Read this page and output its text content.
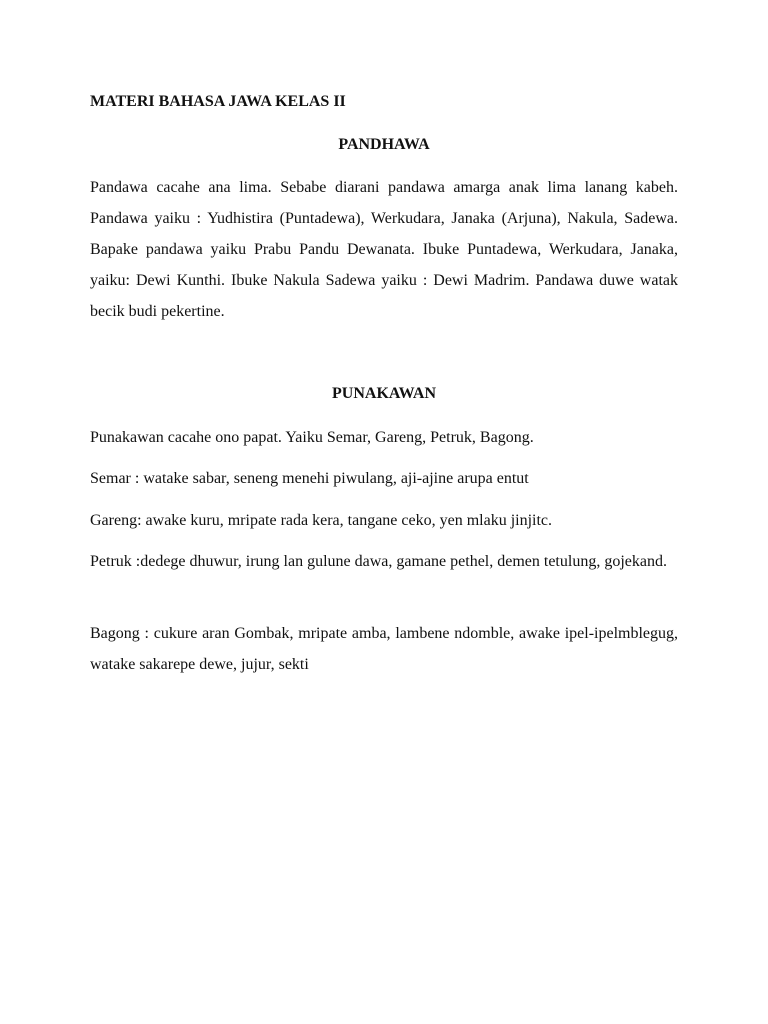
MATERI BAHASA JAWA KELAS II
PANDHAWA
Pandawa cacahe ana lima. Sebabe diarani pandawa amarga anak lima lanang kabeh. Pandawa yaiku : Yudhistira (Puntadewa), Werkudara, Janaka (Arjuna), Nakula, Sadewa. Bapake pandawa yaiku Prabu Pandu Dewanata. Ibuke Puntadewa, Werkudara, Janaka, yaiku: Dewi Kunthi. Ibuke Nakula Sadewa yaiku : Dewi Madrim. Pandawa duwe watak becik budi pekertine.
PUNAKAWAN
Punakawan cacahe ono papat. Yaiku Semar, Gareng, Petruk, Bagong.
Semar : watake sabar, seneng menehi piwulang, aji-ajine arupa entut
Gareng: awake kuru, mripate rada kera, tangane ceko, yen mlaku jinjitc.
Petruk :dedege dhuwur, irung lan gulune dawa, gamane pethel, demen tetulung, gojekand.
Bagong : cukure aran Gombak, mripate amba, lambene ndomble, awake ipel-ipelmblegug, watake sakarepe dewe, jujur, sekti
